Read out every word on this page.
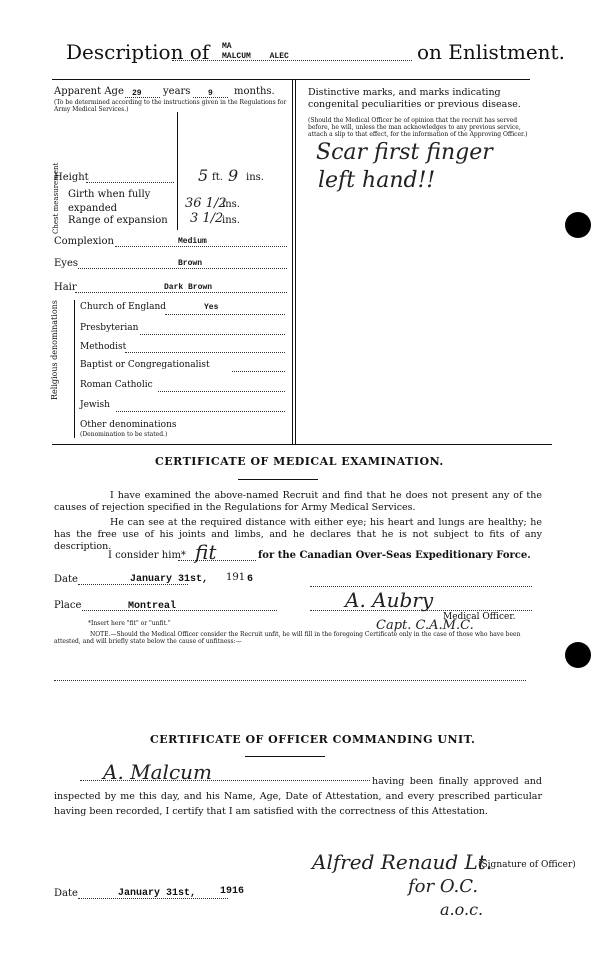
Description of MA
MALCUM ALEC	on Enlistment.
Apparent Age 29 years 9 months.
(To be determined according to the instructions given in the Regulations for Army Medical Services.)
Height	5 ft. 9 ins.
Chest measurement Girth when fully expanded	36 1/2
ins.
Range of expansion 3 1/2
ins.
Complexion	Medium
Eyes	Brown
Hair	Dark Brown
Religious denominations Church of England	Yes
Presbyterian
Methodist
Baptist or Congregationalist
Roman Catholic
Jewish
Other denominations
(Denomination to be stated.)
Distinctive marks, and marks indicating congenital peculiarities or previous disease.
(Should the Medical Officer be of opinion that the recruit has served before, he will, unless the man acknowledges to any previous service, attach a slip to that effect, for the information of the Approving Officer.)
Scar first finger
left hand!!
CERTIFICATE OF MEDICAL EXAMINATION.
I have examined the above-named Recruit and find that he does not present any of the causes of rejection specified in the Regulations for Army Medical Services.
He can see at the required distance with either eye; his heart and lungs are healthy; he has the free use of his joints and limbs, and he declares that he is not subject to fits of any description.
I consider him* fit	for the Canadian Over-Seas Expeditionary Force.
Date	January 31st, 191 6
Place	Montreal	A. Aubry
Medical Officer.
Capt. C.A.M.C.
*Insert here "fit" or "unfit."
NOTE.—Should the Medical Officer consider the Recruit unfit, he will fill in the foregoing Certificate only in the case of those who have been attested, and will briefly state below the cause of unfitness:—
CERTIFICATE OF OFFICER COMMANDING UNIT.
A. Malcum	having been finally approved and inspected by me this day, and his Name, Age, Date of Attestation, and every prescribed particular having been recorded, I certify that I am satisfied with the correctness of this Attestation.
Alfred Renaud Lt.
(Signature of Officer)
for O.C.
a.o.c.
Date	January 31st, 1916
